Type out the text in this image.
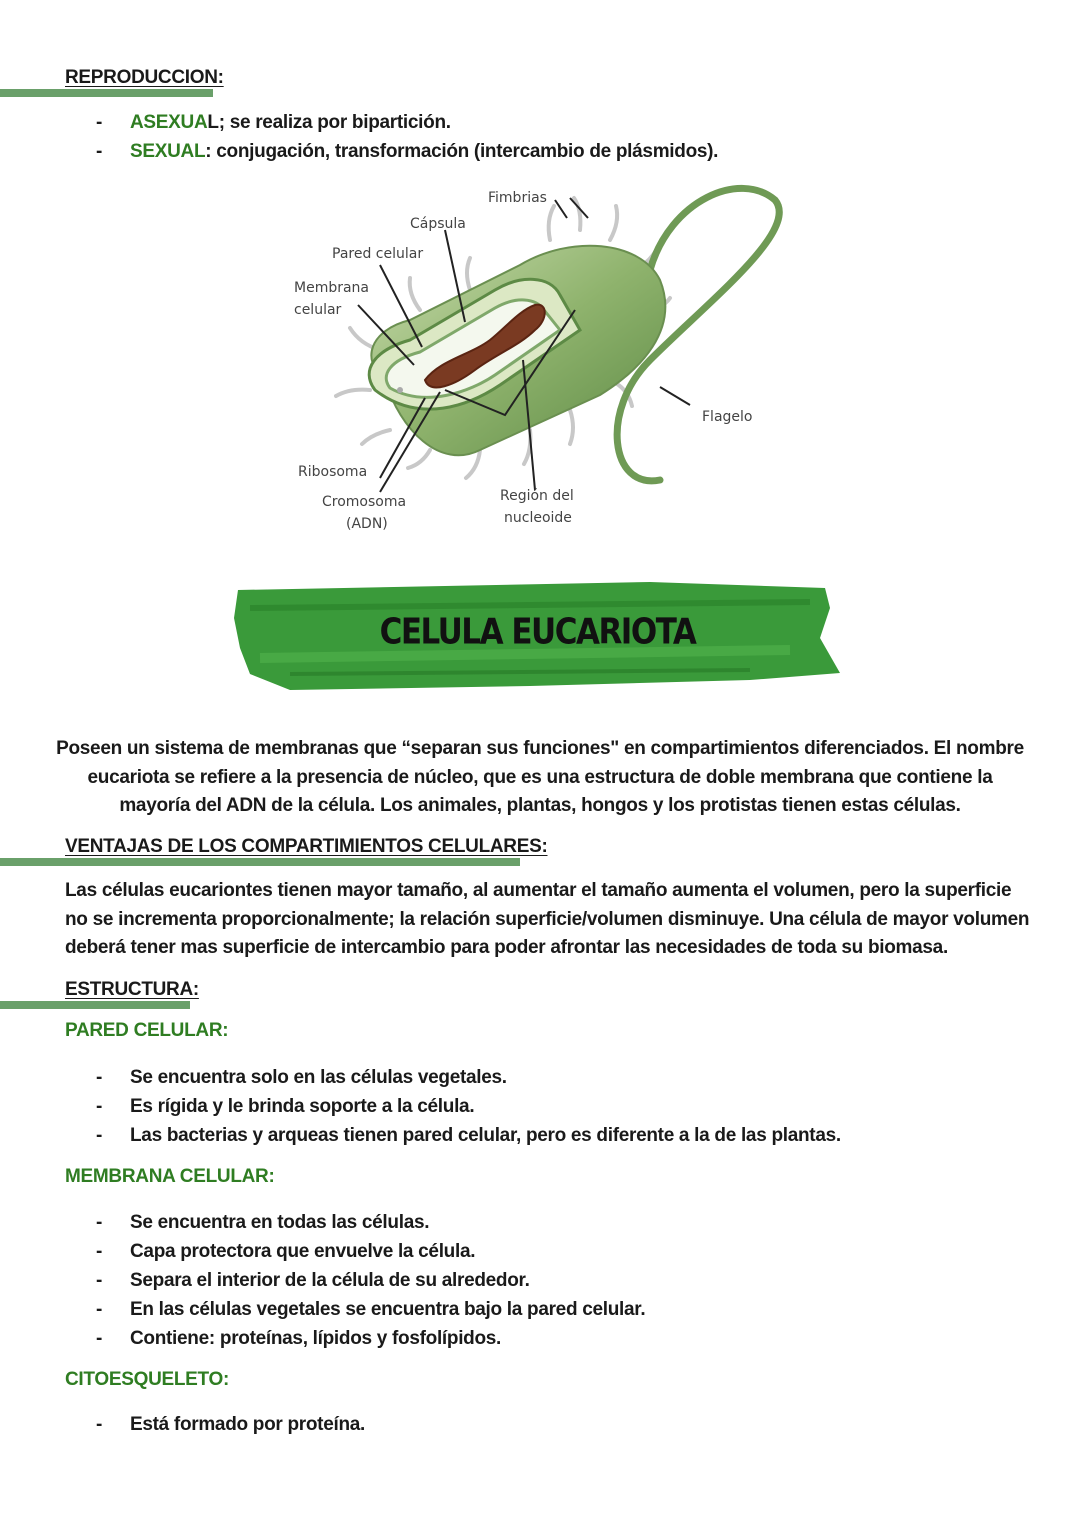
REPRODUCCION:
- ASEXUAL; se realiza por bipartición.
- SEXUAL: conjugación, transformación (intercambio de plásmidos).
Fimbrias
Cápsula
Pared celular
Membrana
celular
Flagelo
Ribosoma
Cromosoma
(ADN)
Región del
nucleoide
CELULA EUCARIOTA
Poseen un sistema de membranas que “separan sus funciones" en compartimientos diferenciados. El nombre
eucariota se refiere a la presencia de núcleo, que es una estructura de doble membrana que contiene la
mayoría del ADN de la célula. Los animales, plantas, hongos y los protistas tienen estas células.
VENTAJAS DE LOS COMPARTIMIENTOS CELULARES:
Las células eucariontes tienen mayor tamaño, al aumentar el tamaño aumenta el volumen, pero la superficie
no se incrementa proporcionalmente; la relación superficie/volumen disminuye. Una célula de mayor volumen
deberá tener mas superficie de intercambio para poder afrontar las necesidades de toda su biomasa.
ESTRUCTURA:
PARED CELULAR:
- Se encuentra solo en las células vegetales.
- Es rígida y le brinda soporte a la célula.
- Las bacterias y arqueas tienen pared celular, pero es diferente a la de las plantas.
MEMBRANA CELULAR:
- Se encuentra en todas las células.
- Capa protectora que envuelve la célula.
- Separa el interior de la célula de su alrededor.
- En las células vegetales se encuentra bajo la pared celular.
- Contiene: proteínas, lípidos y fosfolípidos.
CITOESQUELETO:
- Está formado por proteína.
